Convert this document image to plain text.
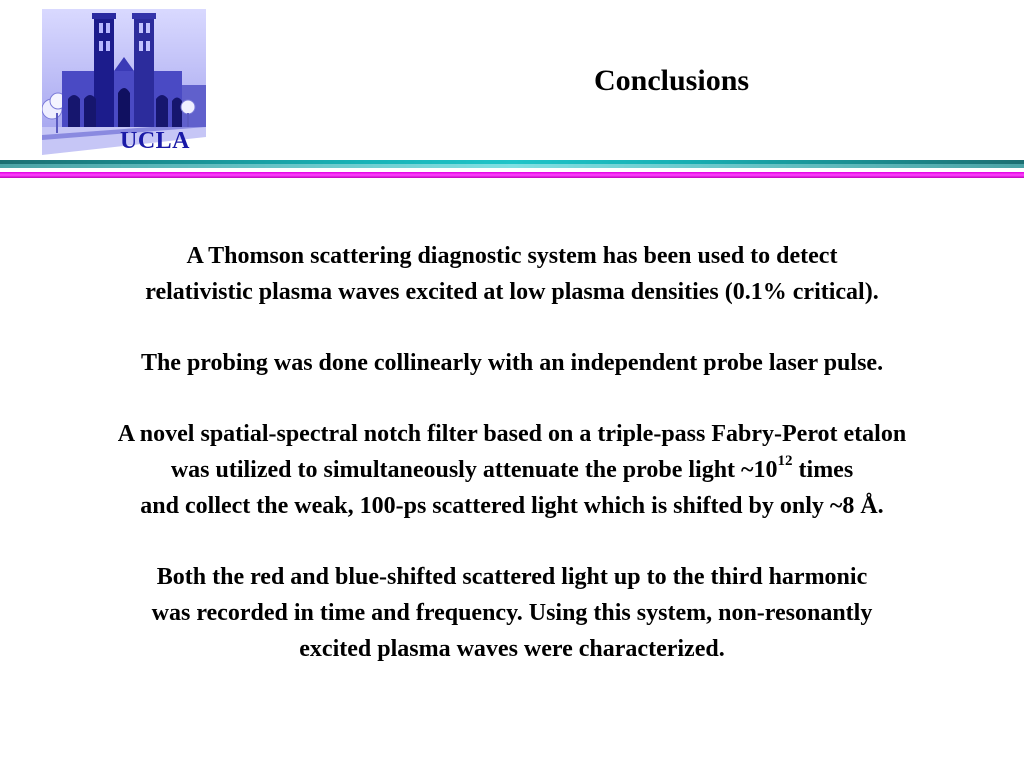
UCLA
Conclusions

A Thomson scattering diagnostic system has been used to detect
relativistic plasma waves excited at low plasma densities (0.1% critical).

The probing was done collinearly with an independent probe laser pulse.

A novel spatial-spectral notch filter based on a triple-pass Fabry-Perot etalon
was utilized to simultaneously attenuate the probe light $\sim 10^{12}$ times
and collect the weak, 100-ps scattered light which is shifted by only ~8 Å.

Both the red and blue-shifted scattered light up to the third harmonic
was recorded in time and frequency. Using this system, non-resonantly
excited plasma waves were characterized.
